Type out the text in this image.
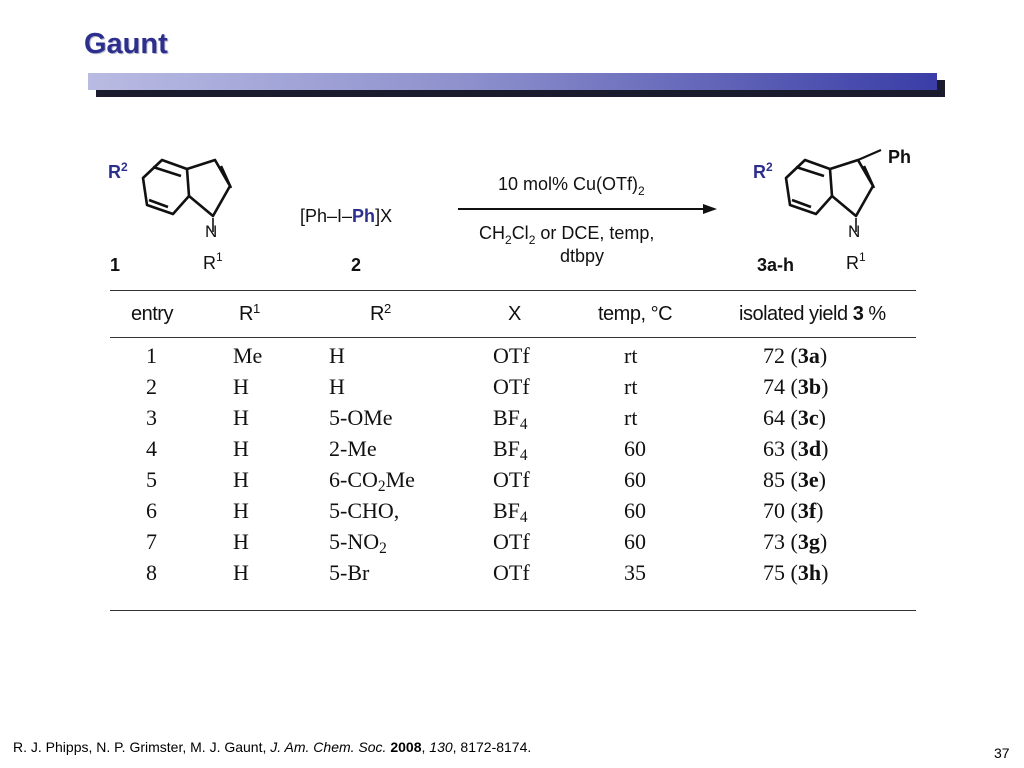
Gaunt
$R^2$
N
$R^1$
1
[Ph–I–Ph]X
2
10 mol% $Cu(OTf)_2$
$CH_2Cl_2$ or DCE, temp,
dtbpy
$R^2$	Ph
N
$R^1$
3a-h
entry	$R^1$	$R^2$	X	temp, °C	isolated yield 3 %
1	Me	H	OTf	rt	72 (3a)
2	H	H	OTf	rt	74 (3b)
3	H	5-OMe	$BF_4$	rt	64 (3c)
4	H	2-Me	$BF_4$	60	63 (3d)
5	H	$6-CO_2Me$	OTf	60	85 (3e)
6	H	5-CHO,	$BF_4$	60	70 (3f)
7	H	$5-NO_2$	OTf	60	73 (3g)
8	H	5-Br	OTf	35	75 (3h)
R. J. Phipps, N. P. Grimster, M. J. Gaunt, J. Am. Chem. Soc. 2008, 130, 8172-8174.	37
